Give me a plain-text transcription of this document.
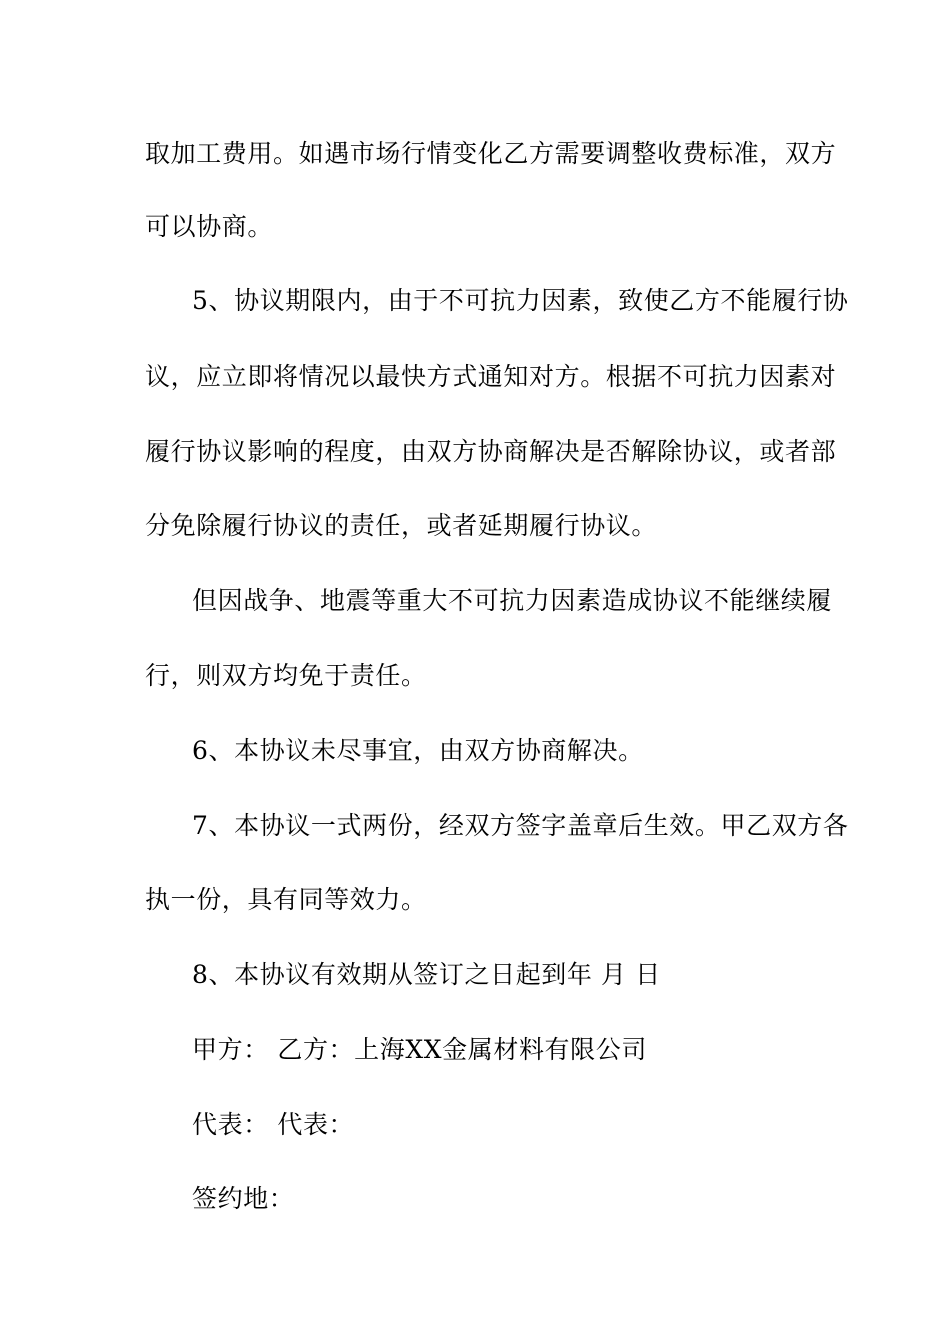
取加工费用。如遇市场行情变化乙方需要调整收费标准，双方
可以协商。
5、协议期限内，由于不可抗力因素，致使乙方不能履行协
议，应立即将情况以最快方式通知对方。根据不可抗力因素对
履行协议影响的程度，由双方协商解决是否解除协议，或者部
分免除履行协议的责任，或者延期履行协议。
但因战争、地震等重大不可抗力因素造成协议不能继续履
行，则双方均免于责任。
6、本协议未尽事宜，由双方协商解决。
7、本协议一式两份，经双方签字盖章后生效。甲乙双方各
执一份，具有同等效力。
8、本协议有效期从签订之日起到年 月 日
甲方： 乙方：上海XX金属材料有限公司
代表： 代表：
签约地：
